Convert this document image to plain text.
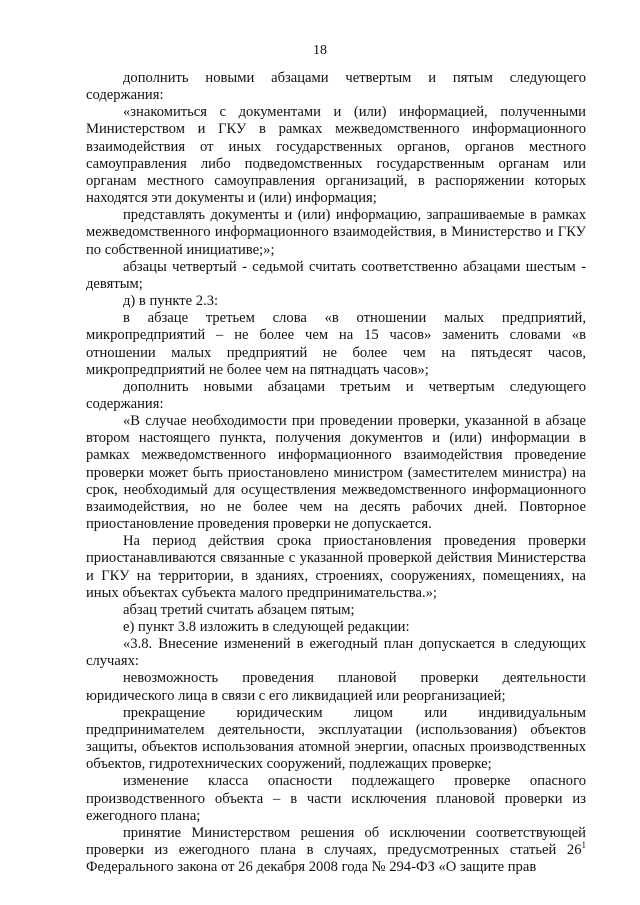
18

дополнить новыми абзацами четвертым и пятым следующего содержания:

«знакомиться с документами и (или) информацией, полученными Министерством и ГКУ в рамках межведомственного информационного взаимодействия от иных государственных органов, органов местного самоуправления либо подведомственных государственным органам или органам местного самоуправления организаций, в распоряжении которых находятся эти документы и (или) информация;

представлять документы и (или) информацию, запрашиваемые в рамках межведомственного информационного взаимодействия, в Министерство и ГКУ по собственной инициативе;»;

абзацы четвертый - седьмой считать соответственно абзацами шестым - девятым;

д) в пункте 2.3:

в абзаце третьем слова «в отношении малых предприятий, микропредприятий – не более чем на 15 часов» заменить словами «в отношении малых предприятий не более чем на пятьдесят часов, микропредприятий не более чем на пятнадцать часов»;

дополнить новыми абзацами третьим и четвертым следующего содержания:

«В случае необходимости при проведении проверки, указанной в абзаце втором настоящего пункта, получения документов и (или) информации в рамках межведомственного информационного взаимодействия проведение проверки может быть приостановлено министром (заместителем министра) на срок, необходимый для осуществления межведомственного информационного взаимодействия, но не более чем на десять рабочих дней. Повторное приостановление проведения проверки не допускается.

На период действия срока приостановления проведения проверки приостанавливаются связанные с указанной проверкой действия Министерства и ГКУ на территории, в зданиях, строениях, сооружениях, помещениях, на иных объектах субъекта малого предпринимательства.»;

абзац третий считать абзацем пятым;

е) пункт 3.8 изложить в следующей редакции:

«3.8. Внесение изменений в ежегодный план допускается в следующих случаях:

невозможность проведения плановой проверки деятельности юридического лица в связи с его ликвидацией или реорганизацией;

прекращение юридическим лицом или индивидуальным предпринимателем деятельности, эксплуатации (использования) объектов защиты, объектов использования атомной энергии, опасных производственных объектов, гидротехнических сооружений, подлежащих проверке;

изменение класса опасности подлежащего проверке опасного производственного объекта – в части исключения плановой проверки из ежегодного плана;

принятие Министерством решения об исключении соответствующей проверки из ежегодного плана в случаях, предусмотренных статьей $26^1$ Федерального закона от 26 декабря 2008 года № 294-ФЗ «О защите прав
